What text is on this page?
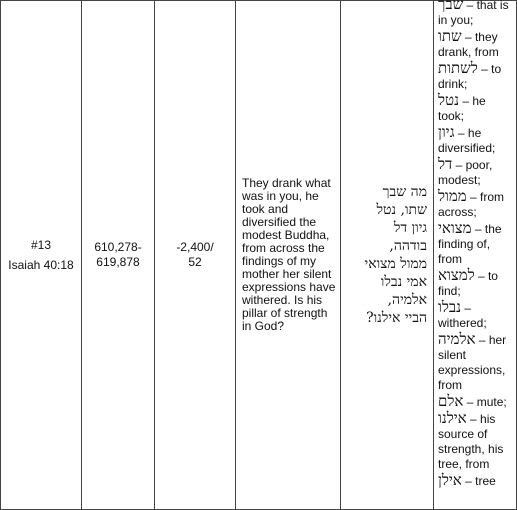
#13
Isaiah 40:18

610,278-619,878

-2,400/ 52

They drank what was in you, he took and diversified the modest Buddha, from across the findings of my mother her silent expressions have withered. Is his pillar of strength in God?

מה שבך
שתו, נטל
גיון דל
בודהה,
ממול מצואי
אמי נבלו
אלמיה,
הביי אילנו?

שבך – that is in you;
שתו – they drank, from
לשתות – to drink;
נטל – he took;
גיון – he diversified;
דל – poor, modest;
ממול – from across;
מצואי – the finding of, from
למצוא – to find;
נבלו – withered;
אלמיה – her silent expressions, from
אלם – mute;
אילנו – his source of strength, his tree, from
אילן – tree
